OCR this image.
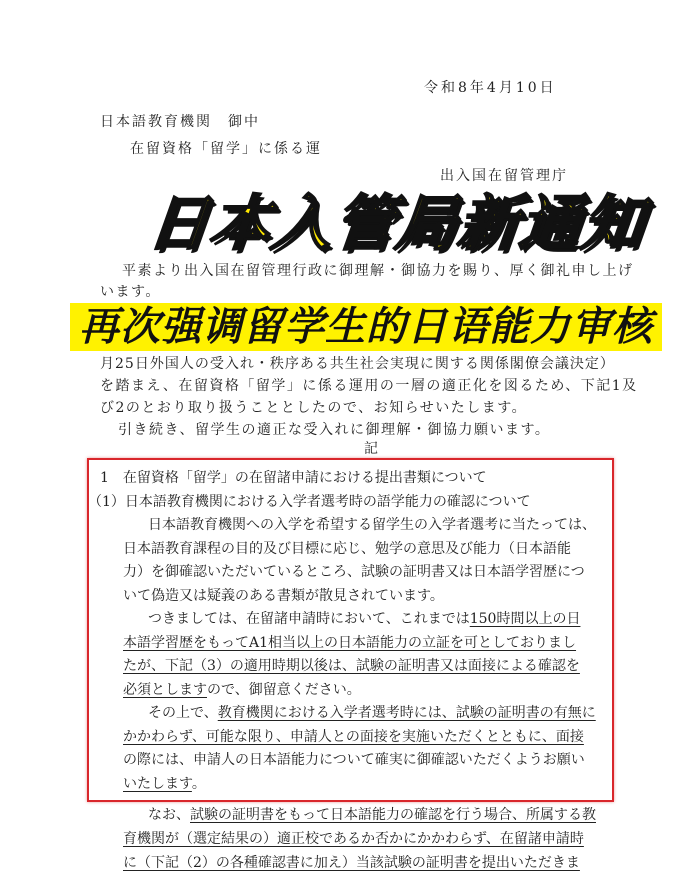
令和8年4月10日
日本語教育機関　御中
在留資格「留学」に係る運
出入国在留管理庁
平素より出入国在留管理行政に御理解・御協力を賜り、厚く御礼申し上げ
います。
月25日外国人の受入れ・秩序ある共生社会実現に関する関係閣僚会議決定）
を踏まえ、在留資格「留学」に係る運用の一層の適正化を図るため、下記1及
び2のとおり取り扱うこととしたので、お知らせいたします。
引き続き、留学生の適正な受入れに御理解・御協力願います。
記
1　在留資格「留学」の在留諸申請における提出書類について
（1）日本語教育機関における入学者選考時の語学能力の確認について
日本語教育機関への入学を希望する留学生の入学者選考に当たっては、
日本語教育課程の目的及び目標に応じ、勉学の意思及び能力（日本語能
力）を御確認いただいているところ、試験の証明書又は日本語学習歴につ
いて偽造又は疑義のある書類が散見されています。
つきましては、在留諸申請時において、これまでは150時間以上の日
本語学習歴をもってA1相当以上の日本語能力の立証を可としておりまし
たが、下記（3）の適用時期以後は、試験の証明書又は面接による確認を
必須としますので、御留意ください。
その上で、教育機関における入学者選考時には、試験の証明書の有無に
かかわらず、可能な限り、申請人との面接を実施いただくとともに、面接
の際には、申請人の日本語能力について確実に御確認いただくようお願い
いたします。
なお、試験の証明書をもって日本語能力の確認を行う場合、所属する教
育機関が（選定結果の）適正校であるか否かにかかわらず、在留諸申請時
に（下記（2）の各種確認書に加え）当該試験の証明書を提出いただきま
日本入管局新通知
再次强调留学生的日语能力审核
